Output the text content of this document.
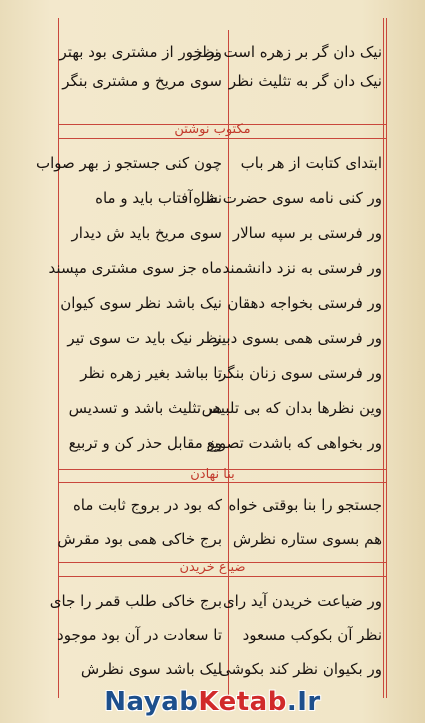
نیک دان گر بر زهره است نظر
نیک دان گر به تثلیث نظر
ور خور از مشتری بود بهتر
سوی مریخ و مشتری بنگر
مکتوب نوشتن
ابتدای کتابت از هر باب
ور کنی نامه سوی حضرت شاه
ور فرستی بر سپه سالار
ور فرستی به نزد دانشمند
ور فرستی بخواجه دهقان
ور فرستی همی بسوی دبیر
ور فرستی سوی زنان بنگر
وین نظرها بدان که بی تلبیس
ور بخواهی که باشدت تصویع
چون کنی جستجو ز بهر صواب
نظر آفتاب باید و ماه
سوی مریخ باید ش دیدار
ماه جز سوی مشتری مپسند
نیک باشد نظر سوی کیوان
نظر نیک باید ت سوی تیر
تا بباشد بغیر زهره نظر
هر تثلیث باشد و تسدیس
وز مقابل حذر کن و تربیع
بنا نهادن
جستجو را بنا بوقتی خواه
هم بسوی ستاره نظرش
که بود در بروج ثابت ماه
برج خاکی همی بود مقرش
ضیاع خریدن
ور ضیاعت خریدن آید رای
نظر آن بکوکب مسعود
ور بکیوان نظر کند بکوشی
برج خاکی طلب قمر را جای
تا سعادت در آن بود موجود
لیک باشد سوی نظرش
NayabKetab.Ir
